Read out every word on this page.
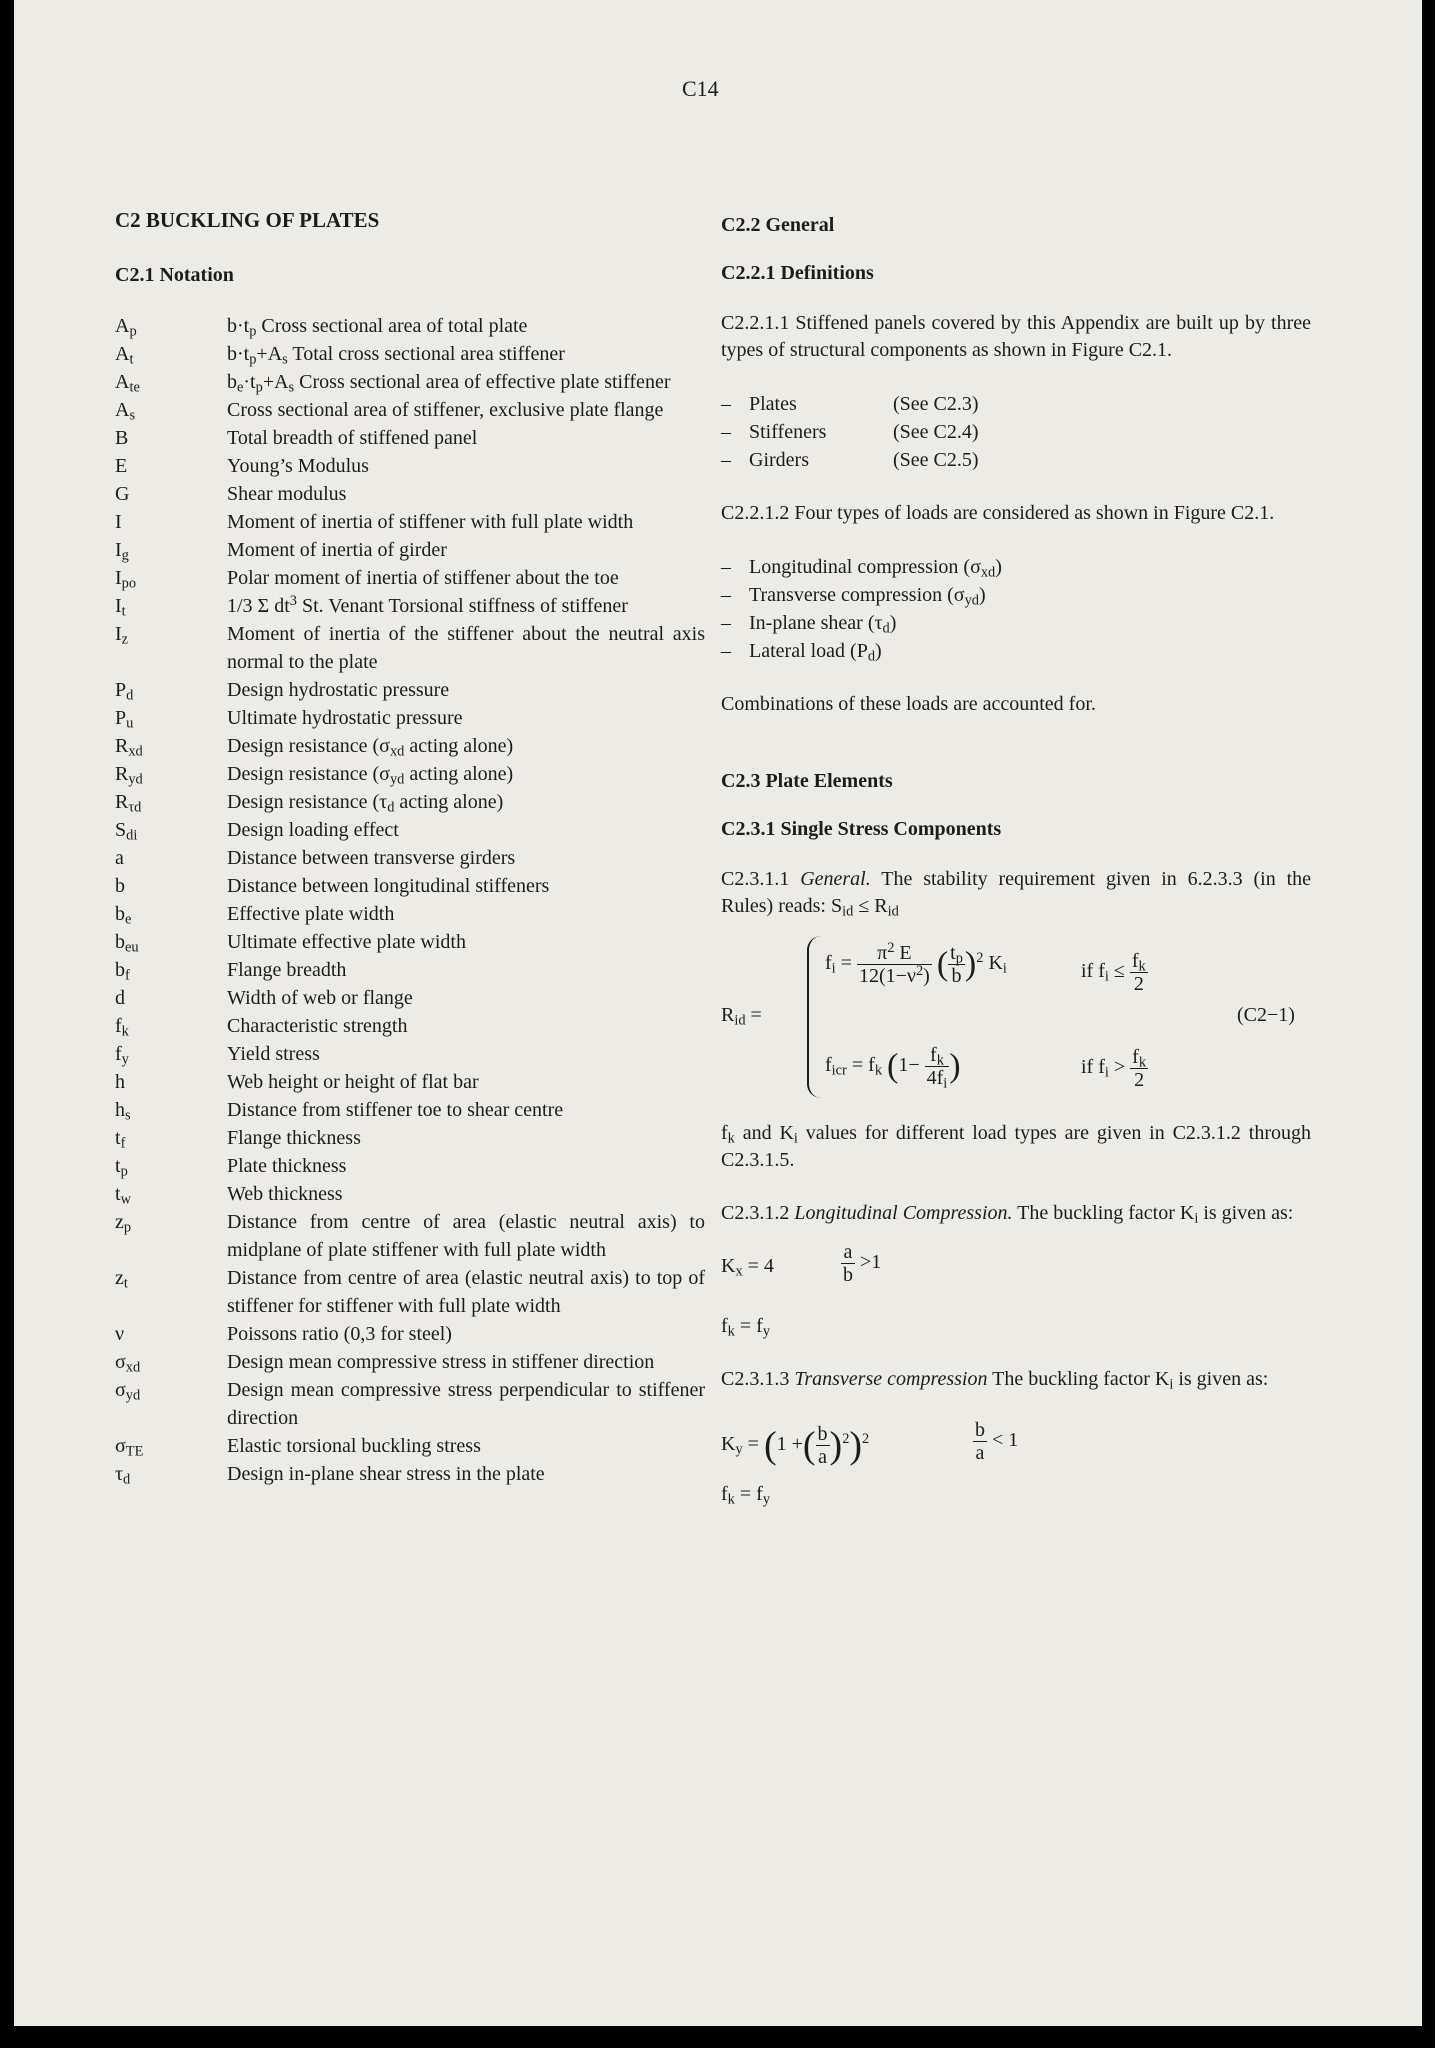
C14
C2 BUCKLING OF PLATES
C2.1 Notation
$A_p$	$b\cdot t_p$ Cross sectional area of total plate
$A_t$	$b\cdot t_p+A_s$ Total cross sectional area stiffener
$A_{te}$	$b_e\cdot t_p+A_s$ Cross sectional area of effective plate stiffener
$A_s$	Cross sectional area of stiffener, exclusive plate flange
B	Total breadth of stiffened panel
E	Young’s Modulus
G	Shear modulus
I	Moment of inertia of stiffener with full plate width
$I_g$	Moment of inertia of girder
$I_{po}$	Polar moment of inertia of stiffener about the toe
$I_t$	1/3 Σ $dt^3$ St. Venant Torsional stiffness of stiffener
$I_z$	Moment of inertia of the stiffener about the neutral axis normal to the plate
$P_d$	Design hydrostatic pressure
$P_u$	Ultimate hydrostatic pressure
$R_{xd}$	Design resistance ($\sigma_{xd}$ acting alone)
$R_{yd}$	Design resistance ($\sigma_{yd}$ acting alone)
$R_{\tau d}$	Design resistance ($\tau_d$ acting alone)
$S_{di}$	Design loading effect
a	Distance between transverse girders
b	Distance between longitudinal stiffeners
$b_e$	Effective plate width
$b_{eu}$	Ultimate effective plate width
$b_f$	Flange breadth
d	Width of web or flange
$f_k$	Characteristic strength
$f_y$	Yield stress
h	Web height or height of flat bar
$h_s$	Distance from stiffener toe to shear centre
$t_f$	Flange thickness
$t_p$	Plate thickness
$t_w$	Web thickness
$z_p$	Distance from centre of area (elastic neutral axis) to midplane of plate stiffener with full plate width
$z_t$	Distance from centre of area (elastic neutral axis) to top of stiffener for stiffener with full plate width
ν	Poissons ratio (0,3 for steel)
$\sigma_{xd}$	Design mean compressive stress in stiffener direction
$\sigma_{yd}$	Design mean compressive stress perpendicular to stiffener direction
$\sigma_{TE}$	Elastic torsional buckling stress
$\tau_d$	Design in-plane shear stress in the plate
C2.2 General
C2.2.1 Definitions
C2.2.1.1 Stiffened panels covered by this Appendix are built up by three types of structural components as shown in Figure C2.1.
– Plates	(See C2.3)
– Stiffeners	(See C2.4)
– Girders	(See C2.5)
C2.2.1.2 Four types of loads are considered as shown in Figure C2.1.
– Longitudinal compression $(\sigma_{xd})$
– Transverse compression $(\sigma_{yd})$
– In-plane shear $(\tau_d)$
– Lateral load $(P_d)$
Combinations of these loads are accounted for.
C2.3 Plate Elements
C2.3.1 Single Stress Components
C2.3.1.1 General. The stability requirement given in 6.2.3.3 (in the Rules) reads: $S_{id} \le R_{id}$
$R_{id}$ =
$f_i = \frac{\pi^2 E}{12(1-\nu^2)}$ ( $\frac{t_p}{b} )^2$ $K_i$	if $f_i \le \frac{f_k}{2}$
$f_{icr} = f_k$ ($1- \frac{f_k}{4f_i}$ )	if $f_i > \frac{f_k}{2}$
(C2−1)
$f_k$ and $K_i$ values for different load types are given in C2.3.1.2 through C2.3.1.5.
C2.3.1.2 Longitudinal Compression. The buckling factor $K_i$ is given as:
$K_x = 4$	$\frac{a}{b} >1$
$f_k = f_y$
C2.3.1.3 Transverse compression The buckling factor $K_i$ is given as:
$K_y = (1$ +( $\frac{b}{a} )^2)^2$	$\frac{b}{a} < 1$
$f_k = f_y$
